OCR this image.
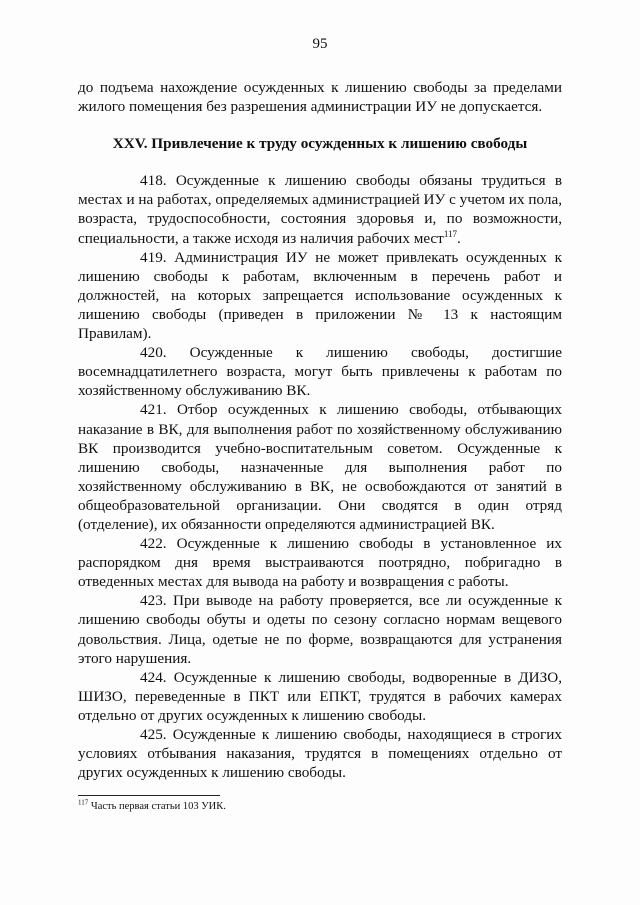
95

до подъема нахождение осужденных к лишению свободы за пределами жилого помещения без разрешения администрации ИУ не допускается.

XXV. Привлечение к труду осужденных к лишению свободы

418. Осужденные к лишению свободы обязаны трудиться в местах и на работах, определяемых администрацией ИУ с учетом их пола, возраста, трудоспособности, состояния здоровья и, по возможности, специальности, а также исходя из наличия рабочих мест$^{117}$.

419. Администрация ИУ не может привлекать осужденных к лишению свободы к работам, включенным в перечень работ и должностей, на которых запрещается использование осужденных к лишению свободы (приведен в приложении № 13 к настоящим Правилам).

420. Осужденные к лишению свободы, достигшие восемнадцатилетнего возраста, могут быть привлечены к работам по хозяйственному обслуживанию ВК.

421. Отбор осужденных к лишению свободы, отбывающих наказание в ВК, для выполнения работ по хозяйственному обслуживанию ВК производится учебно-воспитательным советом. Осужденные к лишению свободы, назначенные для выполнения работ по хозяйственному обслуживанию в ВК, не освобождаются от занятий в общеобразовательной организации. Они сводятся в один отряд (отделение), их обязанности определяются администрацией ВК.

422. Осужденные к лишению свободы в установленное их распорядком дня время выстраиваются поотрядно, побригадно в отведенных местах для вывода на работу и возвращения с работы.

423. При выводе на работу проверяется, все ли осужденные к лишению свободы обуты и одеты по сезону согласно нормам вещевого довольствия. Лица, одетые не по форме, возвращаются для устранения этого нарушения.

424. Осужденные к лишению свободы, водворенные в ДИЗО, ШИЗО, переведенные в ПКТ или ЕПКТ, трудятся в рабочих камерах отдельно от других осужденных к лишению свободы.

425. Осужденные к лишению свободы, находящиеся в строгих условиях отбывания наказания, трудятся в помещениях отдельно от других осужденных к лишению свободы.

$^{117}$ Часть первая статьи 103 УИК.
